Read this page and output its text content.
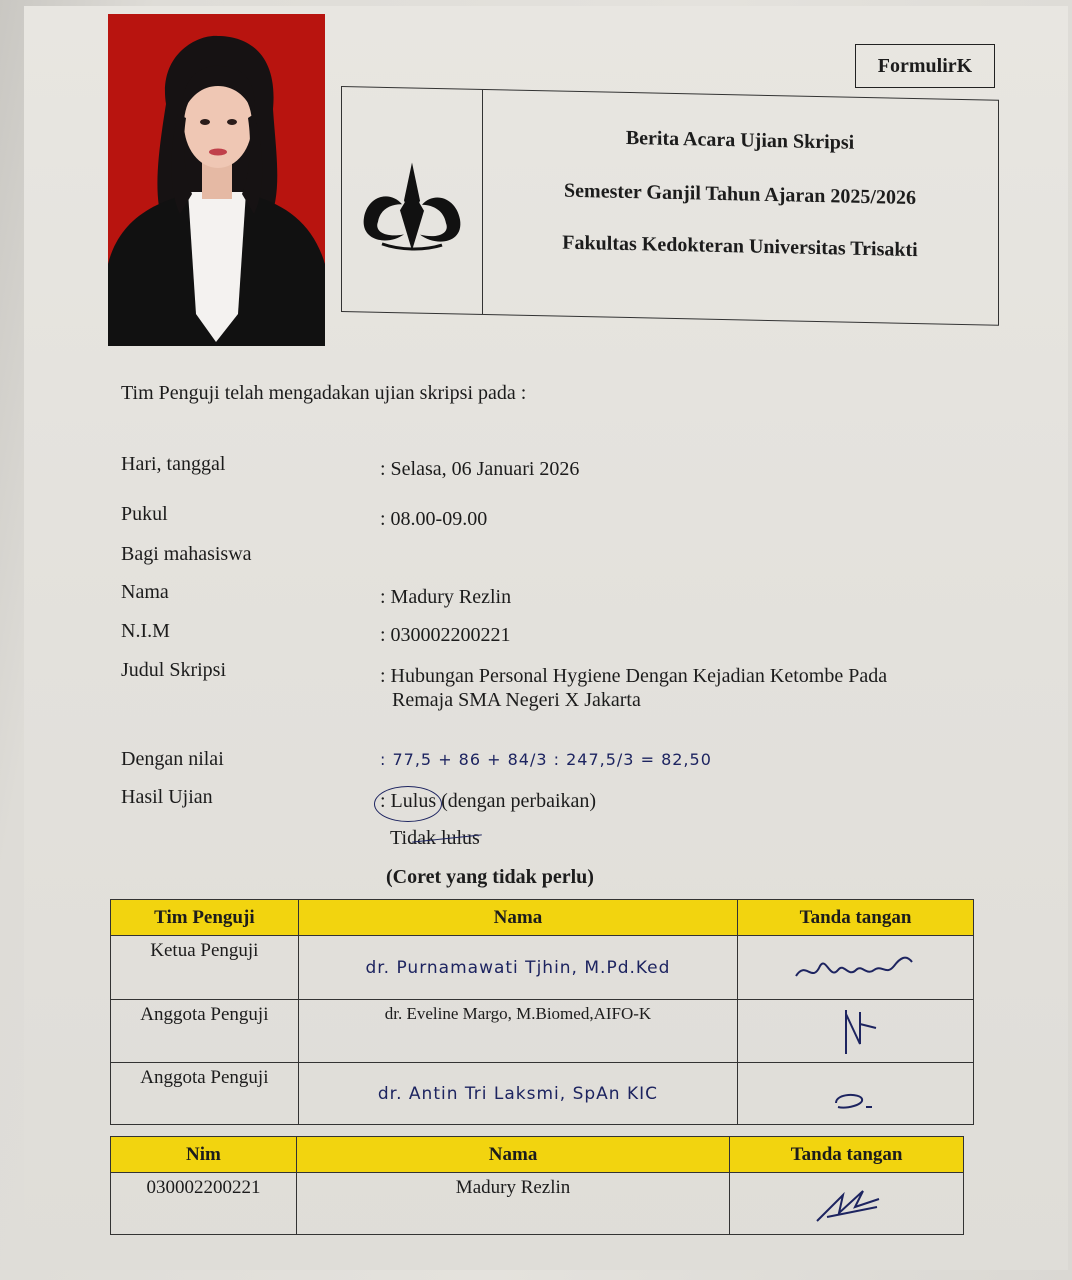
FormulirK
Berita Acara Ujian Skripsi
Semester Ganjil Tahun Ajaran 2025/2026
Fakultas Kedokteran Universitas Trisakti
Tim Penguji telah mengadakan ujian skripsi pada :
Hari, tanggal	: Selasa, 06 Januari 2026
Pukul	: 08.00-09.00
Bagi mahasiswa
Nama	: Madury Rezlin
N.I.M	: 030002200221
Judul Skripsi	: Hubungan Personal Hygiene Dengan Kejadian Ketombe Pada
Remaja SMA Negeri X Jakarta
Dengan nilai	: 77,5 + 86 + 84/3 : 247,5/3 = 82,50
Hasil Ujian	: Lulus (dengan perbaikan)
Tidak lulus
(Coret yang tidak perlu)
Tim Penguji	Nama	Tanda tangan
Ketua Penguji	dr. Purnamawati Tjhin, M.Pd.Ked	

Anggota Penguji	dr. Eveline Margo, M.Biomed,AIFO-K	

Anggota Penguji	dr. Antin Tri Laksmi, SpAn KIC	
Nim	Nama	Tanda tangan
030002200221	Madury Rezlin	
